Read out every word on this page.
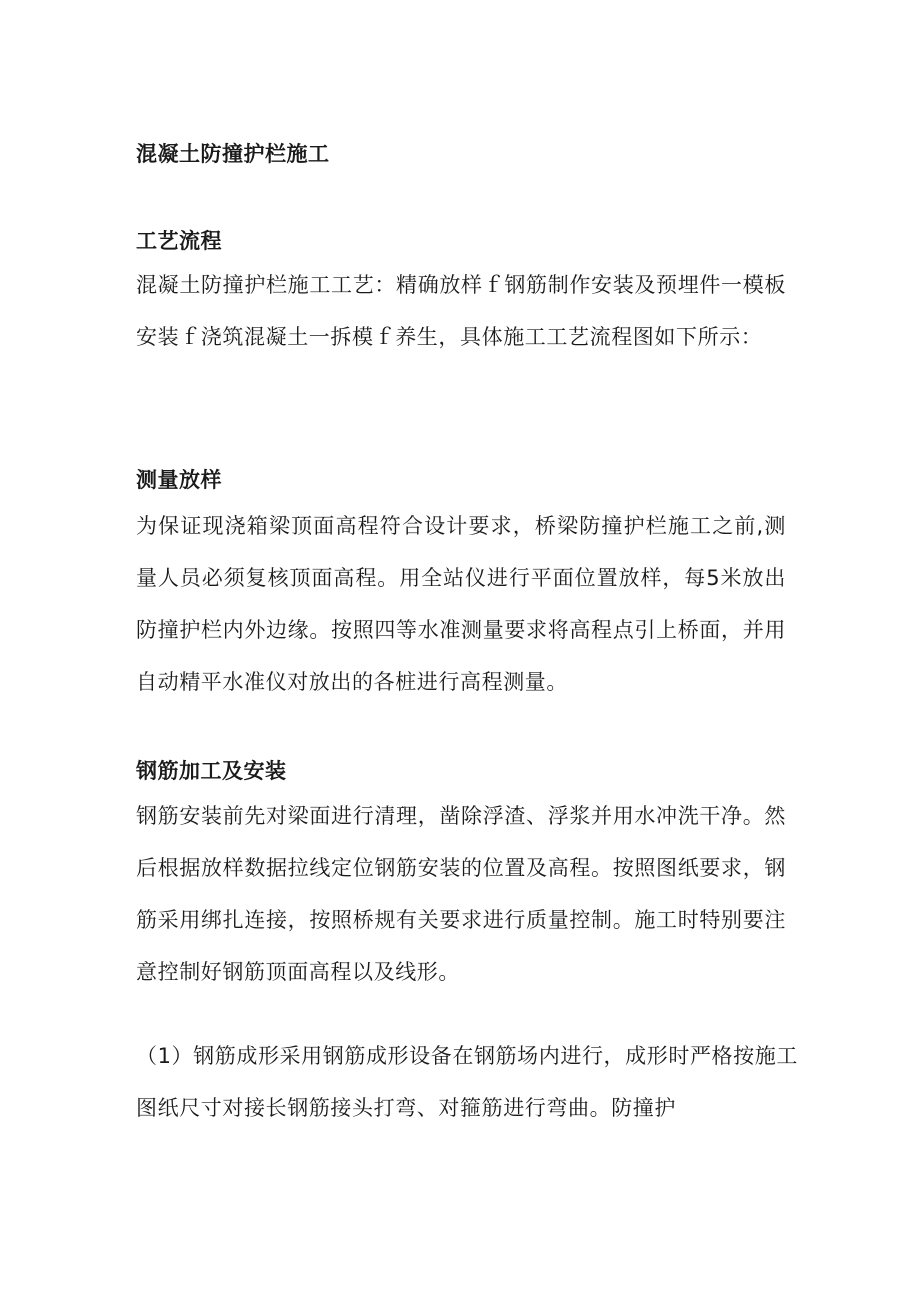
混凝土防撞护栏施工
工艺流程

混凝土防撞护栏施工工艺：精确放样ｆ钢筋制作安装及预埋件一模板
安装ｆ浇筑混凝土一拆模ｆ养生，具体施工工艺流程图如下所示：

测量放样

为保证现浇箱梁顶面高程符合设计要求，桥梁防撞护栏施工之前,测
量人员必须复核顶面高程。用全站仪进行平面位置放样，每5米放出
防撞护栏内外边缘。按照四等水准测量要求将高程点引上桥面，并用
自动精平水准仪对放出的各桩进行高程测量。

钢筋加工及安装

钢筋安装前先对梁面进行清理，凿除浮渣、浮浆并用水冲洗干净。然
后根据放样数据拉线定位钢筋安装的位置及高程。按照图纸要求，钢
筋采用绑扎连接，按照桥规有关要求进行质量控制。施工时特别要注
意控制好钢筋顶面高程以及线形。

（1）钢筋成形采用钢筋成形设备在钢筋场内进行，成形时严格按施工
图纸尺寸对接长钢筋接头打弯、对箍筋进行弯曲。防撞护
